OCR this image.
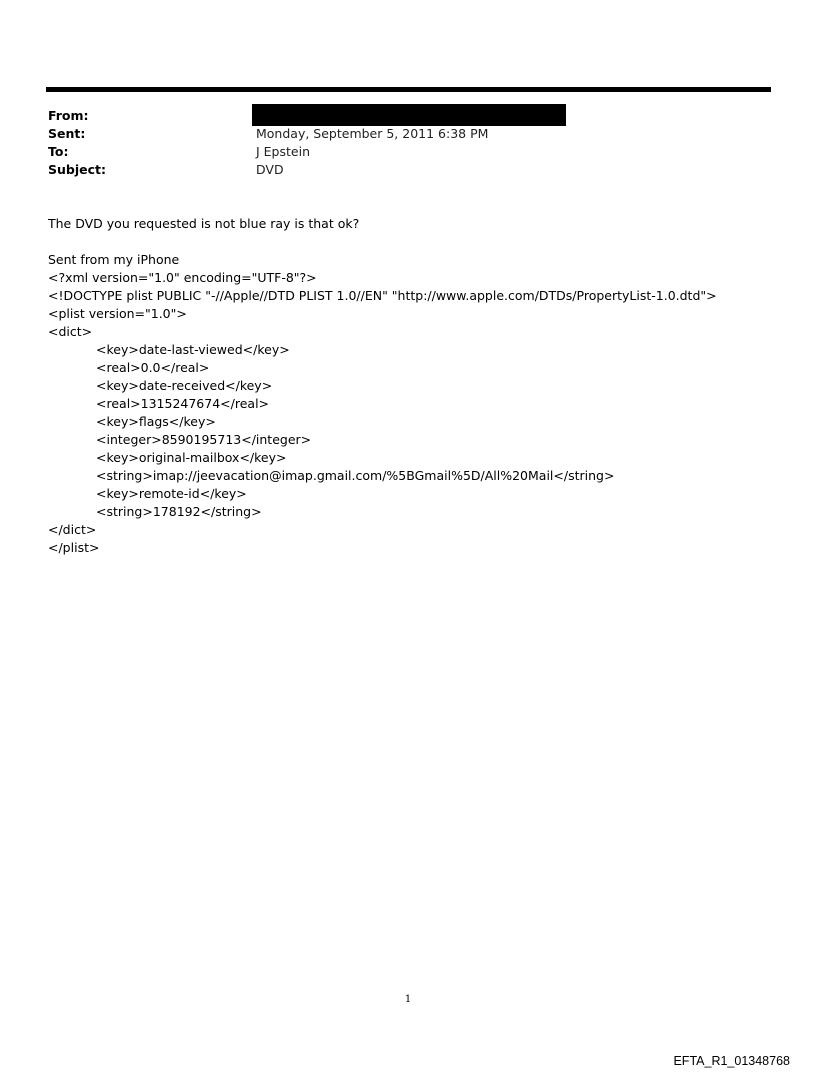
From:
Sent:	Monday, September 5, 2011 6:38 PM
To:	J Epstein
Subject:	DVD
The DVD you requested is not blue ray is that ok?
Sent from my iPhone
<?xml version="1.0" encoding="UTF-8"?>
<!DOCTYPE plist PUBLIC "-//Apple//DTD PLIST 1.0//EN" "http://www.apple.com/DTDs/PropertyList-1.0.dtd">
<plist version="1.0">
<dict>
<key>date-last-viewed</key>
<real>0.0</real>
<key>date-received</key>
<real>1315247674</real>
<key>flags</key>
<integer>8590195713</integer>
<key>original-mailbox</key>
<string>imap://jeevacation@imap.gmail.com/%5BGmail%5D/All%20Mail</string>
<key>remote-id</key>
<string>178192</string>
</dict>
</plist>
1
EFTA_R1_01348768
